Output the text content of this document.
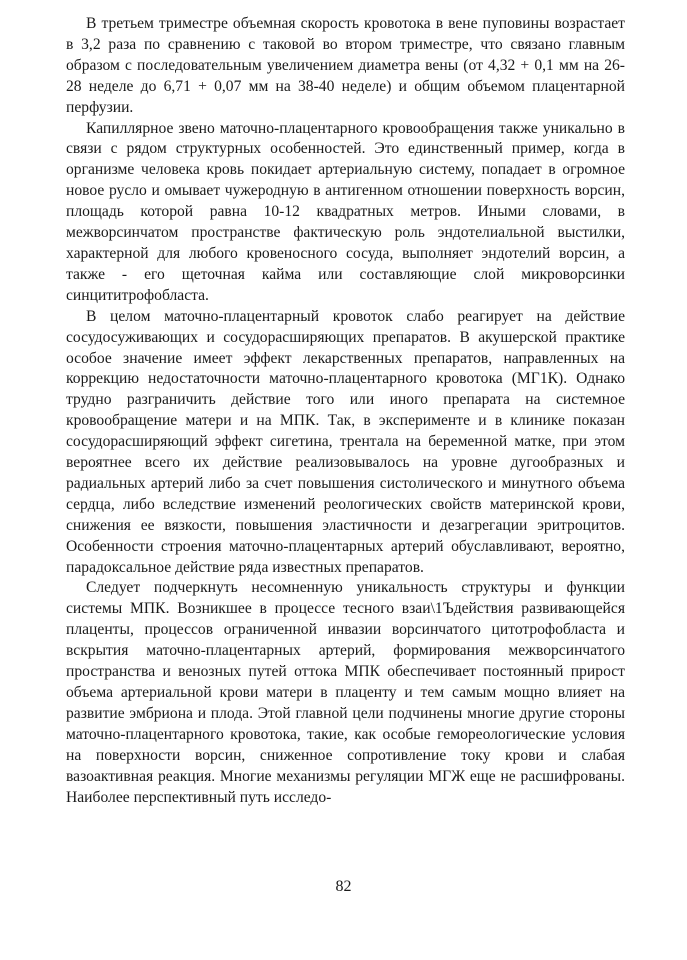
В третьем триместре объемная скорость кровотока в вене пуповины возрастает в 3,2 раза по сравнению с таковой во втором триместре, что связано главным образом с последовательным увеличением диаметра вены (от 4,32 + 0,1 мм на 26-28 неделе до 6,71 + 0,07 мм на 38-40 неделе) и общим объемом плацентарной перфузии.

Капиллярное звено маточно-плацентарного кровообращения также уникально в связи с рядом структурных особенностей. Это единственный пример, когда в организме человека кровь покидает артериальную систему, попадает в огромное новое русло и омывает чужеродную в антигенном отношении поверхность ворсин, площадь которой равна 10-12 квадратных метров. Иными словами, в межворсинчатом пространстве фактическую роль эндотелиальной выстилки, характерной для любого кровеносного сосуда, выполняет эндотелий ворсин, а также - его щеточная кайма или составляющие слой микроворсинки синцититрофобласта.

В целом маточно-плацентарный кровоток слабо реагирует на действие сосудосуживающих и сосудорасширяющих препаратов. В акушерской практике особое значение имеет эффект лекарственных препаратов, направленных на коррекцию недостаточности маточно-плацентарного кровотока (МГ1К). Однако трудно разграничить действие того или иного препарата на системное кровообращение матери и на МПК. Так, в эксперименте и в клинике показан сосудорасширяющий эффект сигетина, трентала на беременной матке, при этом вероятнее всего их действие реализовывалось на уровне дугообразных и радиальных артерий либо за счет повышения систолического и минутного объема сердца, либо вследствие изменений реологических свойств материнской крови, снижения ее вязкости, повышения эластичности и дезагрегации эритроцитов. Особенности строения маточно-плацентарных артерий обуславливают, вероятно, парадоксальное действие ряда известных препаратов.

Следует подчеркнуть несомненную уникальность структуры и функции системы МПК. Возникшее в процессе тесного взаи\1Ъдействия развивающейся плаценты, процессов ограниченной инвазии ворсинчатого цитотрофобласта и вскрытия маточно-плацентарных артерий, формирования межворсинчатого пространства и венозных путей оттока МПК обеспечивает постоянный прирост объема артериальной крови матери в плаценту и тем самым мощно влияет на развитие эмбриона и плода. Этой главной цели подчинены многие другие стороны маточно-плацентарного кровотока, такие, как особые гемореологические условия на поверхности ворсин, сниженное сопротивление току крови и слабая вазоактивная реакция. Многие механизмы регуляции МГЖ еще не расшифрованы. Наиболее перспективный путь исследо-

82
